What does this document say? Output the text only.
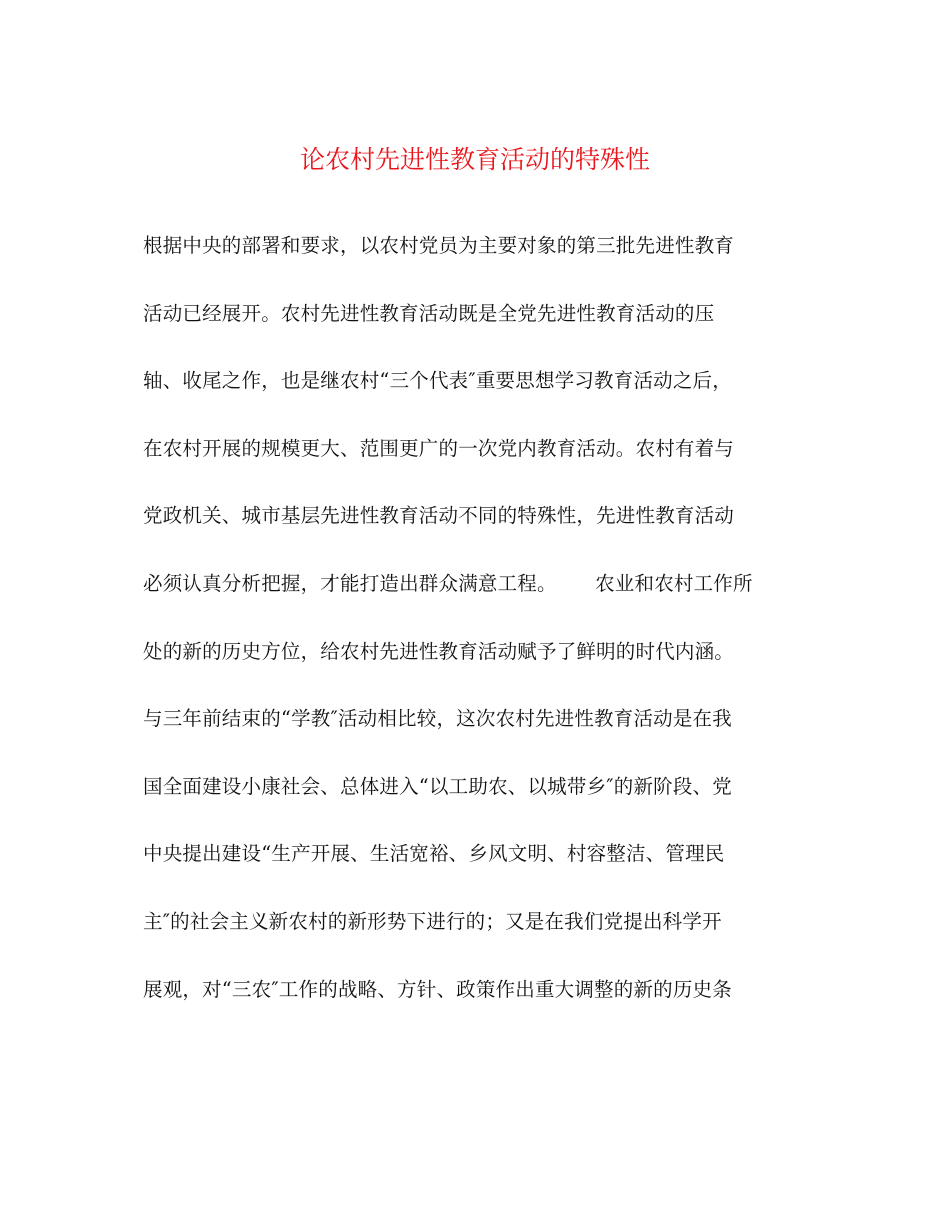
论农村先进性教育活动的特殊性
根据中央的部署和要求，以农村党员为主要对象的第三批先进性教育
活动已经展开。农村先进性教育活动既是全党先进性教育活动的压
轴、收尾之作，也是继农村“三个代表″重要思想学习教育活动之后，
在农村开展的规模更大、范围更广的一次党内教育活动。农村有着与
党政机关、城市基层先进性教育活动不同的特殊性，先进性教育活动
必须认真分析把握，才能打造出群众满意工程。      农业和农村工作所
处的新的历史方位，给农村先进性教育活动赋予了鲜明的时代内涵。
与三年前结束的“学教″活动相比较，这次农村先进性教育活动是在我
国全面建设小康社会、总体进入“以工助农、以城带乡″的新阶段、党
中央提出建设“生产开展、生活宽裕、乡风文明、村容整洁、管理民
主″的社会主义新农村的新形势下进行的；又是在我们党提出科学开
展观，对“三农″工作的战略、方针、政策作出重大调整的新的历史条
